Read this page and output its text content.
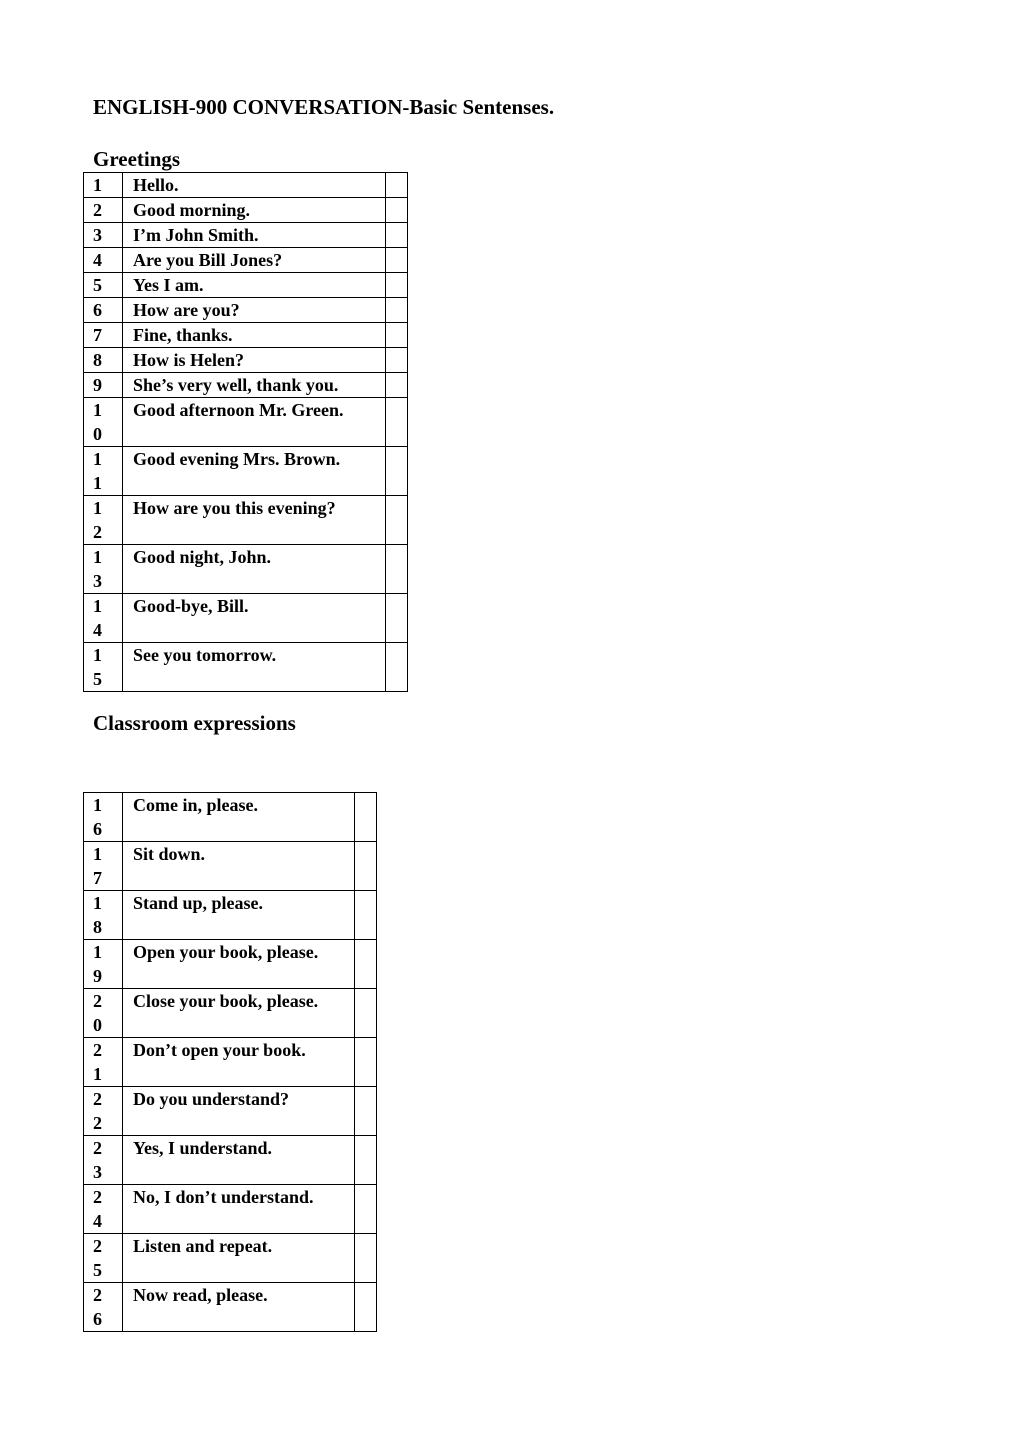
ENGLISH-900 CONVERSATION-Basic Sentenses.
Greetings
1	Hello.	

2	Good morning.	

3	I’m John Smith.	

4	Are you Bill Jones?	

5	Yes I am.	

6	How are you?	

7	Fine, thanks.	

8	How is Helen?	

9	She’s very well, thank you.	

10	Good afternoon Mr. Green.	

11	Good evening Mrs. Brown.	

12	How are you this evening?	

13	Good night, John.	

14	Good-bye, Bill.	

15	See you tomorrow.	
Classroom expressions
16	Come in, please.	

17	Sit down.	

18	Stand up, please.	

19	Open your book, please.	

20	Close your book, please.	

21	Don’t open your book.	

22	Do you understand?	

23	Yes, I understand.	

24	No, I don’t understand.	

25	Listen and repeat.	

26	Now read, please.	
